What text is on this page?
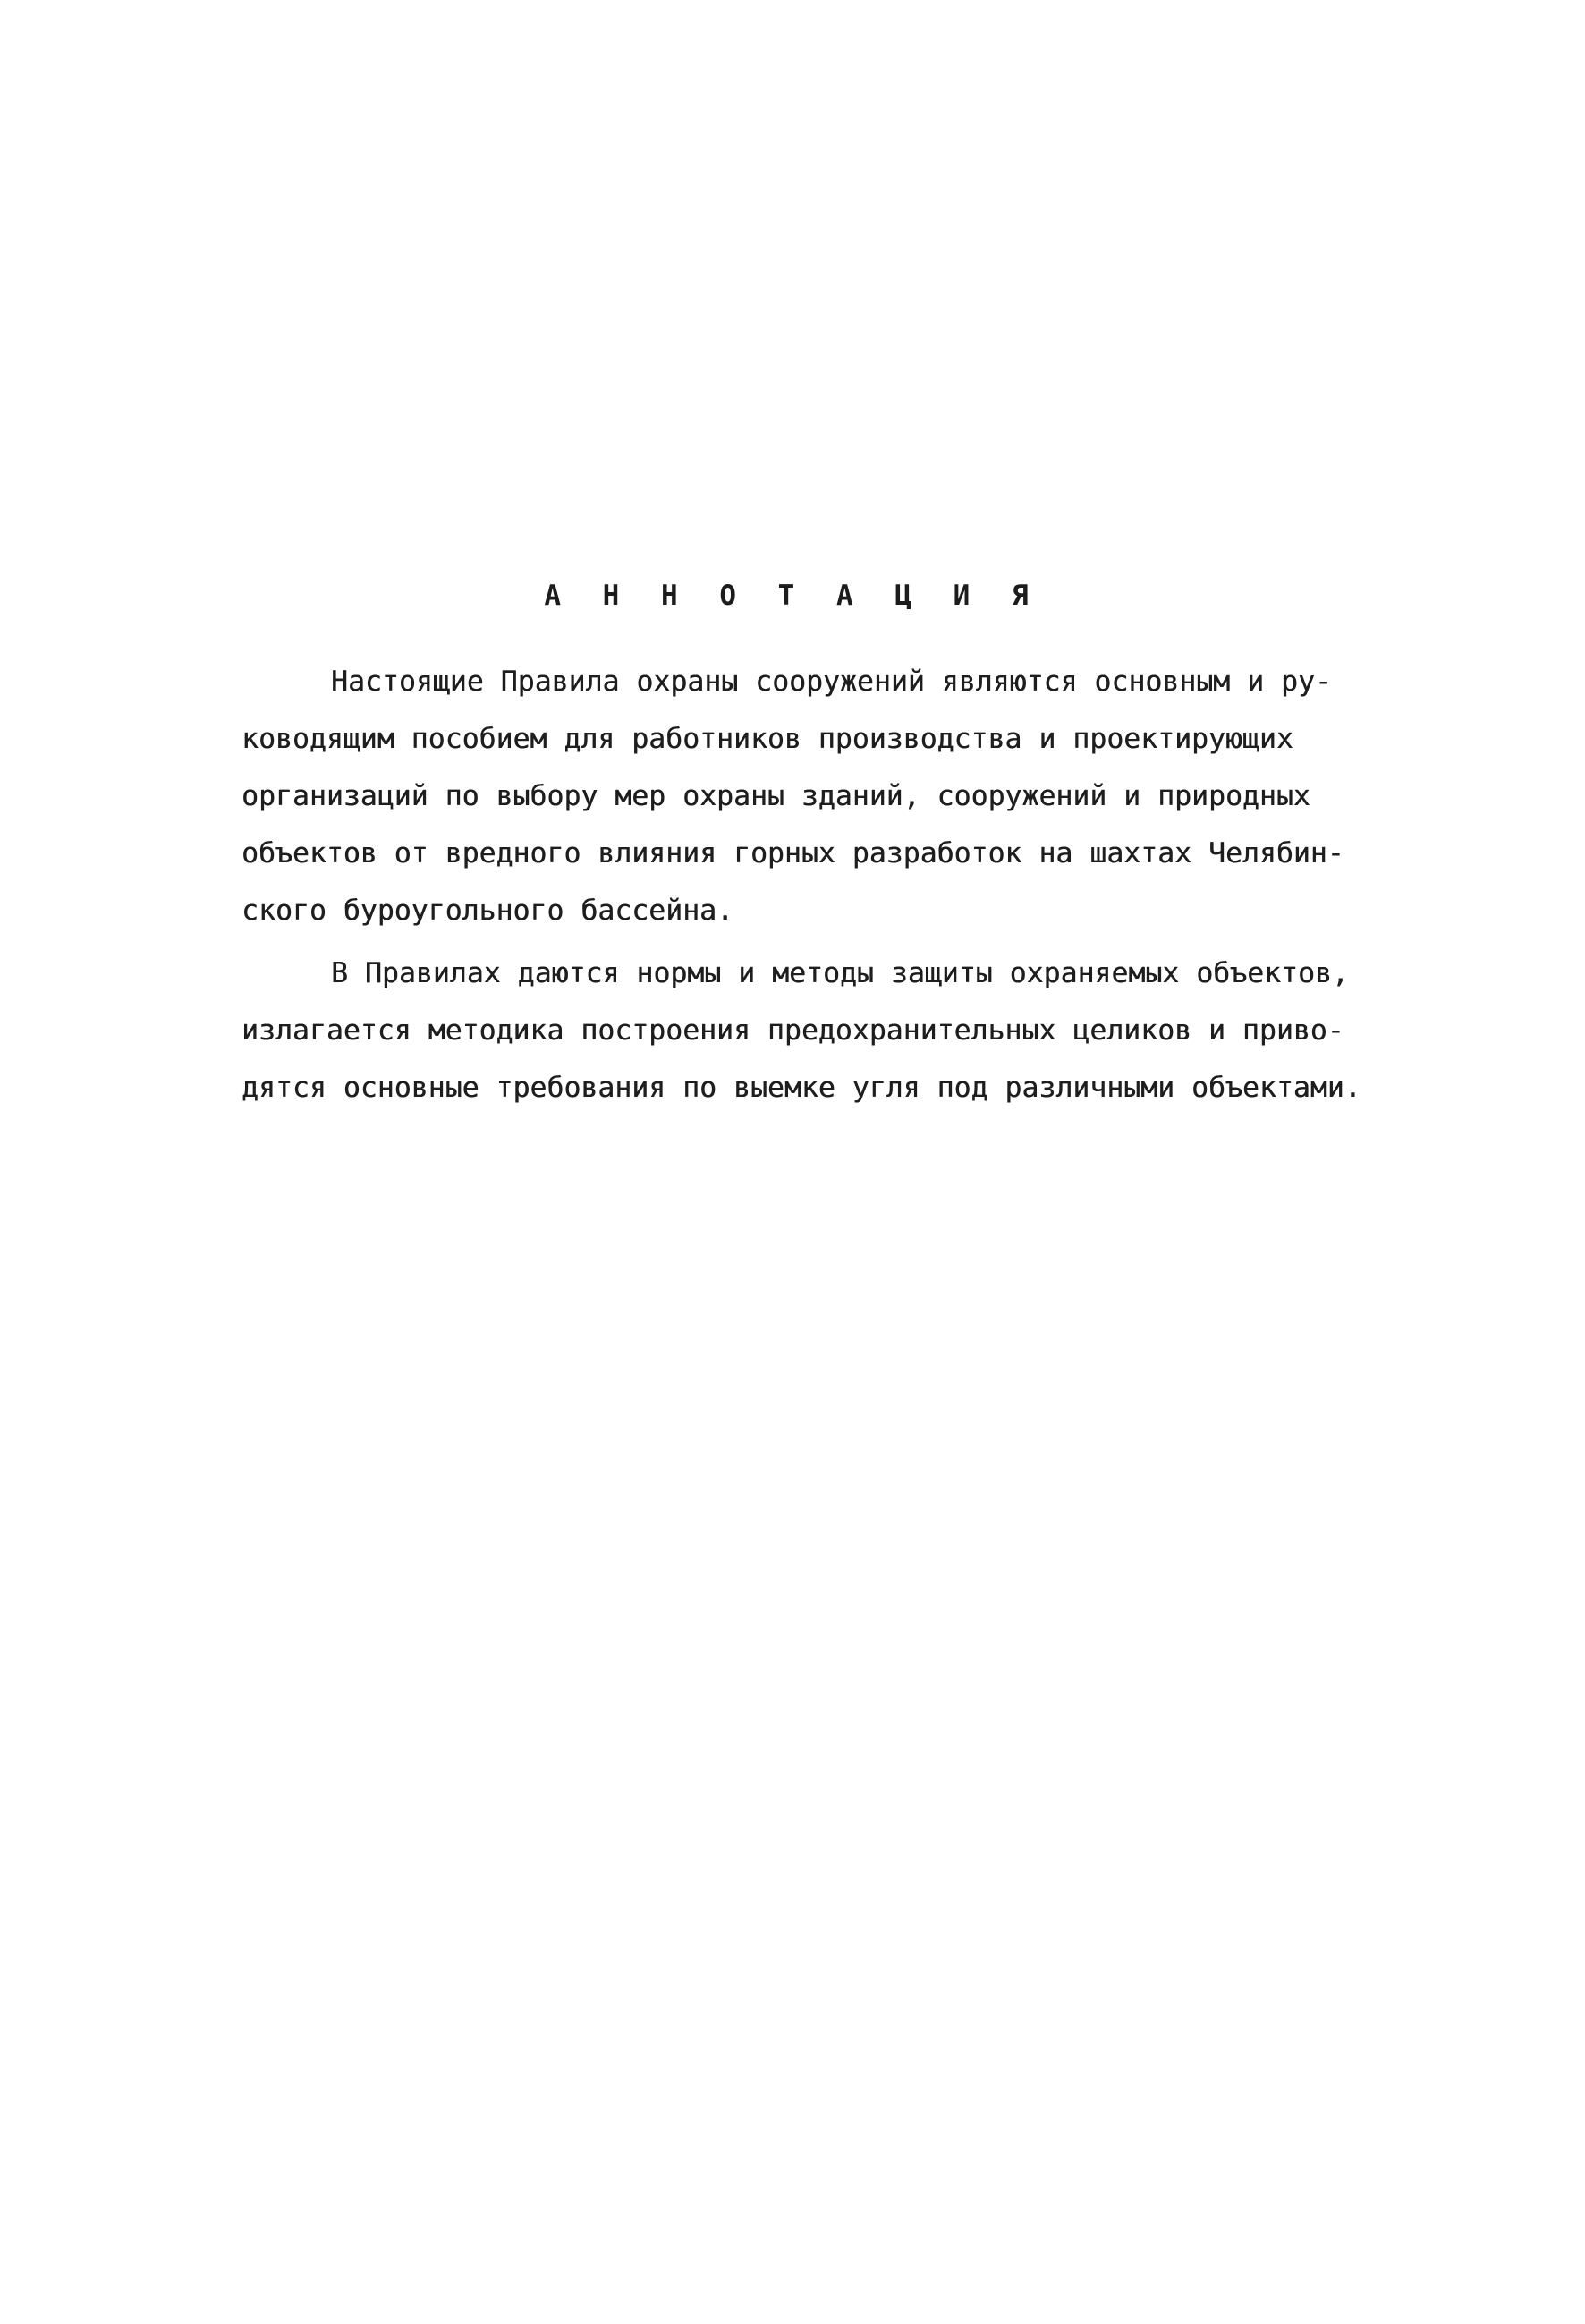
А Н Н О Т А Ц И Я

Настоящие Правила охраны сооружений являются основным и ру-

ководящим пособием для работников производства и проектирующих

организаций по выбору мер охраны зданий, сооружений и природных

объектов от вредного влияния горных разработок на шахтах Челябин-

ского буроугольного бассейна.

В Правилах даются нормы и методы защиты охраняемых объектов,

излагается методика построения предохранительных целиков и приво-

дятся основные требования по выемке угля под различными объектами.
